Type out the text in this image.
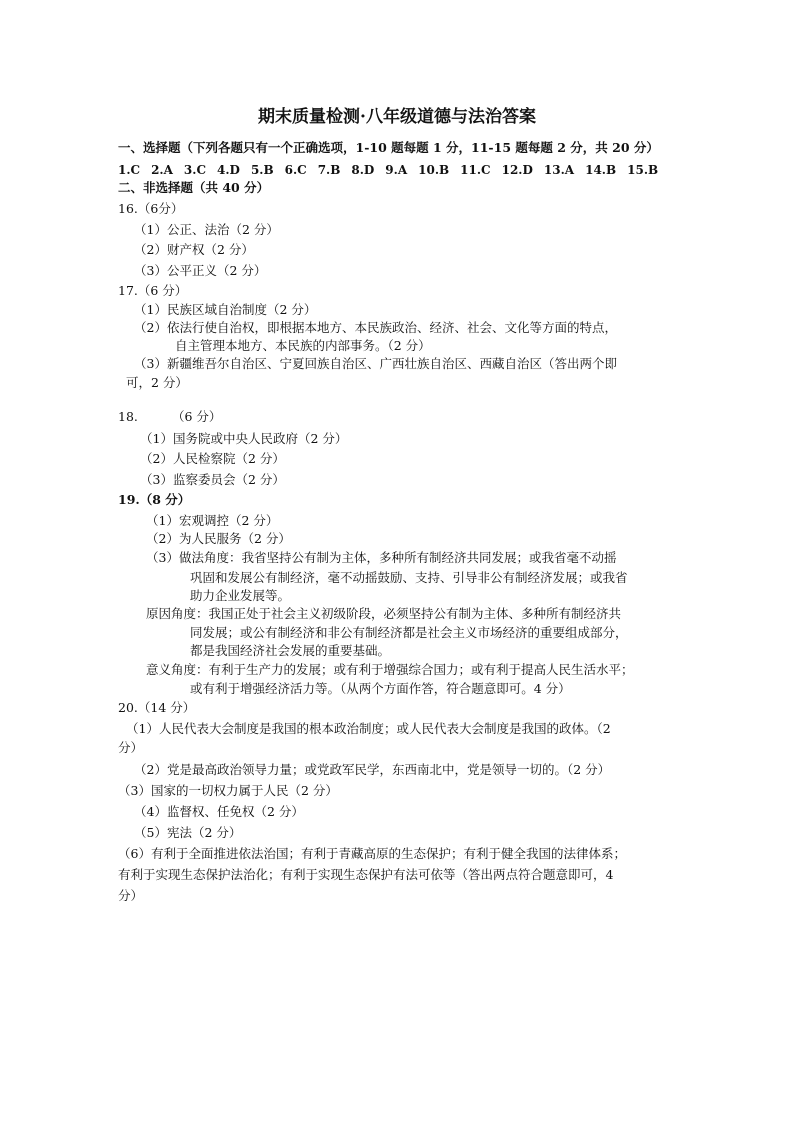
期末质量检测·八年级道德与法治答案
一、选择题（下列各题只有一个正确选项，1-10 题每题 1 分，11-15 题每题 2 分，共 20 分）
1.C 2.A 3.C 4.D 5.B 6.C 7.B 8.D 9.A 10.B 11.C 12.D 13.A 14.B 15.B
二、非选择题（共 40 分）
16.（6分）
（1）公正、法治（2 分）
（2）财产权（2 分）
（3）公平正义（2 分）
17.（6 分）
（1）民族区域自治制度（2 分）
（2）依法行使自治权，即根据本地方、本民族政治、经济、社会、文化等方面的特点，
自主管理本地方、本民族的内部事务。（2 分）
（3）新疆维吾尔自治区、宁夏回族自治区、广西壮族自治区、西藏自治区（答出两个即
可，2 分）
18.	（6 分）
（1）国务院或中央人民政府（2 分）
（2）人民检察院（2 分）
（3）监察委员会（2 分）
19.（8 分）
（1）宏观调控（2 分）
（2）为人民服务（2 分）
（3）做法角度：我省坚持公有制为主体，多种所有制经济共同发展；或我省毫不动摇
巩固和发展公有制经济，毫不动摇鼓励、支持、引导非公有制经济发展；或我省
助力企业发展等。
原因角度：我国正处于社会主义初级阶段，必须坚持公有制为主体、多种所有制经济共
同发展；或公有制经济和非公有制经济都是社会主义市场经济的重要组成部分，
都是我国经济社会发展的重要基础。
意义角度：有利于生产力的发展；或有利于增强综合国力；或有利于提高人民生活水平；
或有利于增强经济活力等。（从两个方面作答，符合题意即可。4 分）
20.（14 分）
（1）人民代表大会制度是我国的根本政治制度；或人民代表大会制度是我国的政体。（2
分）
（2）党是最高政治领导力量；或党政军民学，东西南北中，党是领导一切的。（2 分）
（3）国家的一切权力属于人民（2 分）
（4）监督权、任免权（2 分）
（5）宪法（2 分）
（6）有利于全面推进依法治国；有利于青藏高原的生态保护；有利于健全我国的法律体系；
有利于实现生态保护法治化；有利于实现生态保护有法可依等（答出两点符合题意即可，4
分）
